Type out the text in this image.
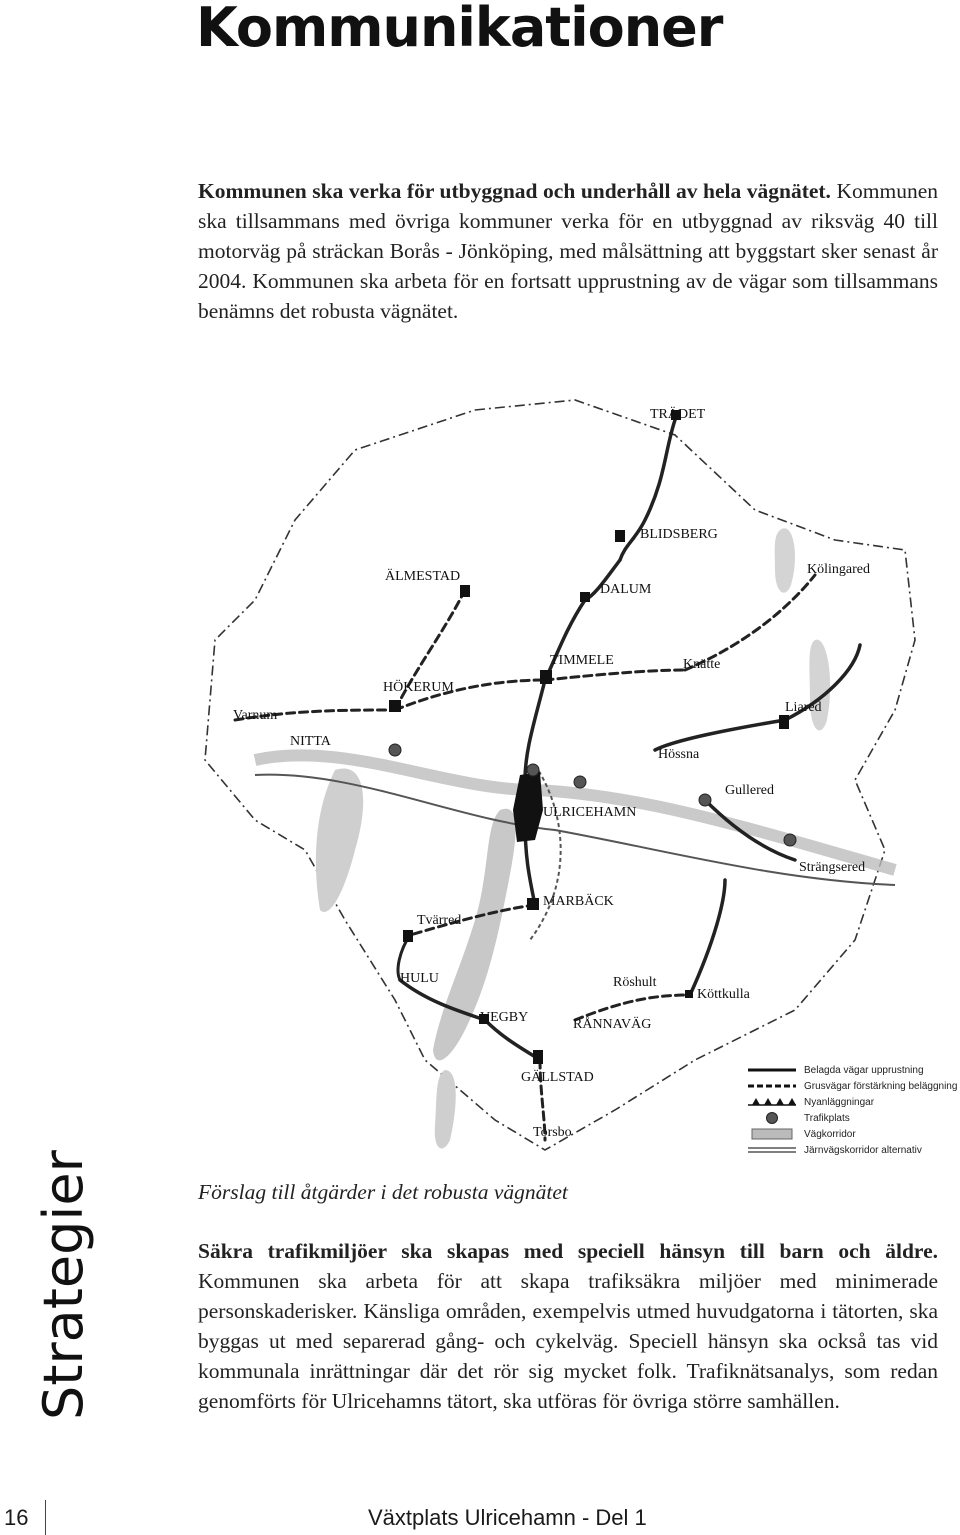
Kommunikationer

Kommunen ska verka för utbyggnad och underhåll av hela vägnätet. Kommunen ska tillsammans med övriga kommuner verka för en utbyggnad av riksväg 40 till motorväg på sträckan Borås - Jönköping, med målsättning att byggstart sker senast år 2004. Kommunen ska arbeta för en fortsatt upprustning av de vägar som tillsammans benämns det robusta vägnätet.

TRÄDET
BLIDSBERG
ÄLMESTAD
DALUM
Kölingared
TIMMELE	Knätte
HÖKERUM
Varnum
Liared
NITTA
Hössna
Gullered
ULRICEHAMN
Strängsered
MARBÄCK
Tvärred
HULU	Röshult
Köttkulla
VEGBY	RÅNNAVÄG
GÄLLSTAD
Torsbo
Belagda vägar upprustning
Grusvägar förstärkning beläggning
Nyanläggningar
Trafikplats
Vägkorridor
Järnvägskorridor alternativ
Förslag till åtgärder i det robusta vägnätet

Säkra trafikmiljöer ska skapas med speciell hänsyn till barn och äldre. Kommunen ska arbeta för att skapa trafiksäkra miljöer med minimerade personskaderisker. Känsliga områden, exempelvis utmed huvudgatorna i tätorten, ska byggas ut med separerad gång- och cykelväg. Speciell hänsyn ska också tas vid kommunala inrättningar där det rör sig mycket folk. Trafiknätsanalys, som redan genomförts för Ulricehamns tätort, ska utföras för övriga större samhällen.

Strategier
16	Växtplats Ulricehamn - Del 1
